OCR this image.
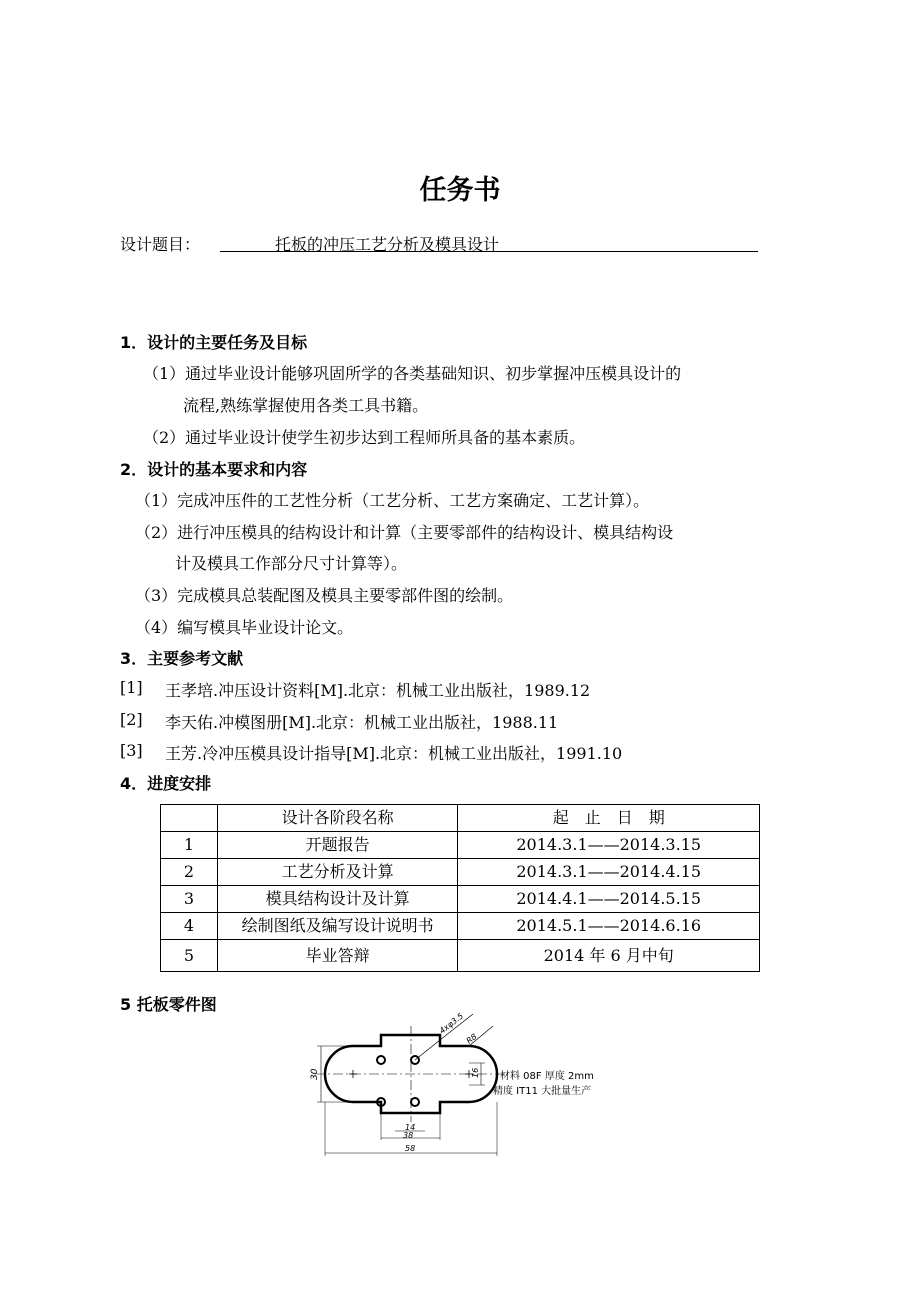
任务书
设计题目：	托板的冲压工艺分析及模具设计
1．设计的主要任务及目标
（1）通过毕业设计能够巩固所学的各类基础知识、初步掌握冲压模具设计的
流程,熟练掌握使用各类工具书籍。
（2）通过毕业设计使学生初步达到工程师所具备的基本素质。
2．设计的基本要求和内容
（1）完成冲压件的工艺性分析（工艺分析、工艺方案确定、工艺计算）。
（2）进行冲压模具的结构设计和计算（主要零部件的结构设计、模具结构设
计及模具工作部分尺寸计算等）。
（3）完成模具总装配图及模具主要零部件图的绘制。
（4）编写模具毕业设计论文。
3．主要参考文献
[1] 王孝培.冲压设计资料[M].北京：机械工业出版社，1989.12
[2] 李天佑.冲模图册[M].北京：机械工业出版社，1988.11
[3] 王芳.冷冲压模具设计指导[M].北京：机械工业出版社，1991.10
4．进度安排
	设计各阶段名称	起　止　日　期
1	开题报告	2014.3.1——2014.3.15
2	工艺分析及计算	2014.3.1——2014.4.15
3	模具结构设计及计算	2014.4.1——2014.5.15
4	绘制图纸及编写设计说明书	2014.5.1——2014.6.16
5	毕业答辩	2014 年 6 月中旬
5 托板零件图
4xφ3.5
R8
30	16
14
38
58
材料 08F 厚度 2mm
精度 IT11 大批量生产
